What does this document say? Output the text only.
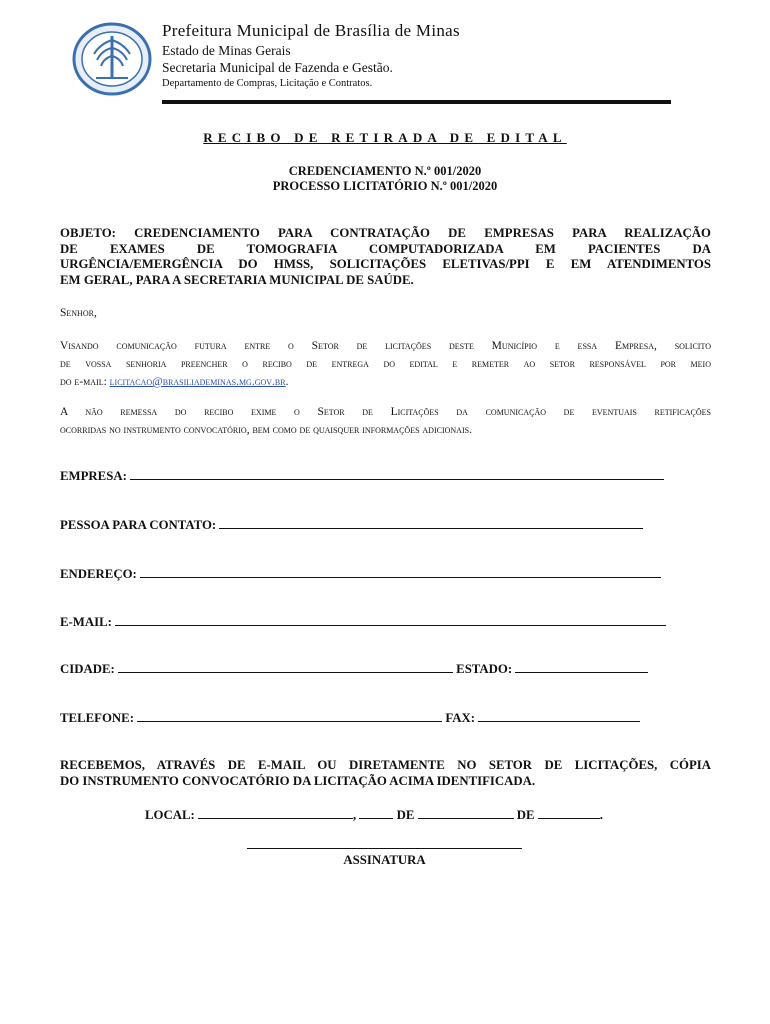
Prefeitura Municipal de Brasília de Minas
Estado de Minas Gerais
Secretaria Municipal de Fazenda e Gestão.
Departamento de Compras, Licitação e Contratos.
RECIBO DE RETIRADA DE EDITAL
CREDENCIAMENTO N.º 001/2020
PROCESSO LICITATÓRIO N.º 001/2020
OBJETO: CREDENCIAMENTO PARA CONTRATAÇÃO DE EMPRESAS PARA REALIZAÇÃO
DE EXAMES DE TOMOGRAFIA COMPUTADORIZADA EM PACIENTES DA
URGÊNCIA/EMERGÊNCIA DO HMSS, SOLICITAÇÕES ELETIVAS/PPI E EM ATENDIMENTOS
EM GERAL, PARA A SECRETARIA MUNICIPAL DE SAÚDE.
Senhor,
Visando comunicação futura entre o Setor de licitações deste Município e essa Empresa, solicito
de vossa senhoria preencher o recibo de entrega do edital e remeter ao setor responsável por meio
do e-mail: licitacao@brasiliademinas.mg.gov.br.
A não remessa do recibo exime o Setor de Licitações da comunicação de eventuais retificações
ocorridas no instrumento convocatório, bem como de quaisquer informações adicionais.
EMPRESA:
PESSOA PARA CONTATO:
ENDEREÇO:
E-MAIL:
CIDADE:	ESTADO:
TELEFONE:	FAX:
RECEBEMOS, ATRAVÉS DE E-MAIL OU DIRETAMENTE NO SETOR DE LICITAÇÕES, CÓPIA
DO INSTRUMENTO CONVOCATÓRIO DA LICITAÇÃO ACIMA IDENTIFICADA.
LOCAL:	,	DE	DE	.
ASSINATURA
